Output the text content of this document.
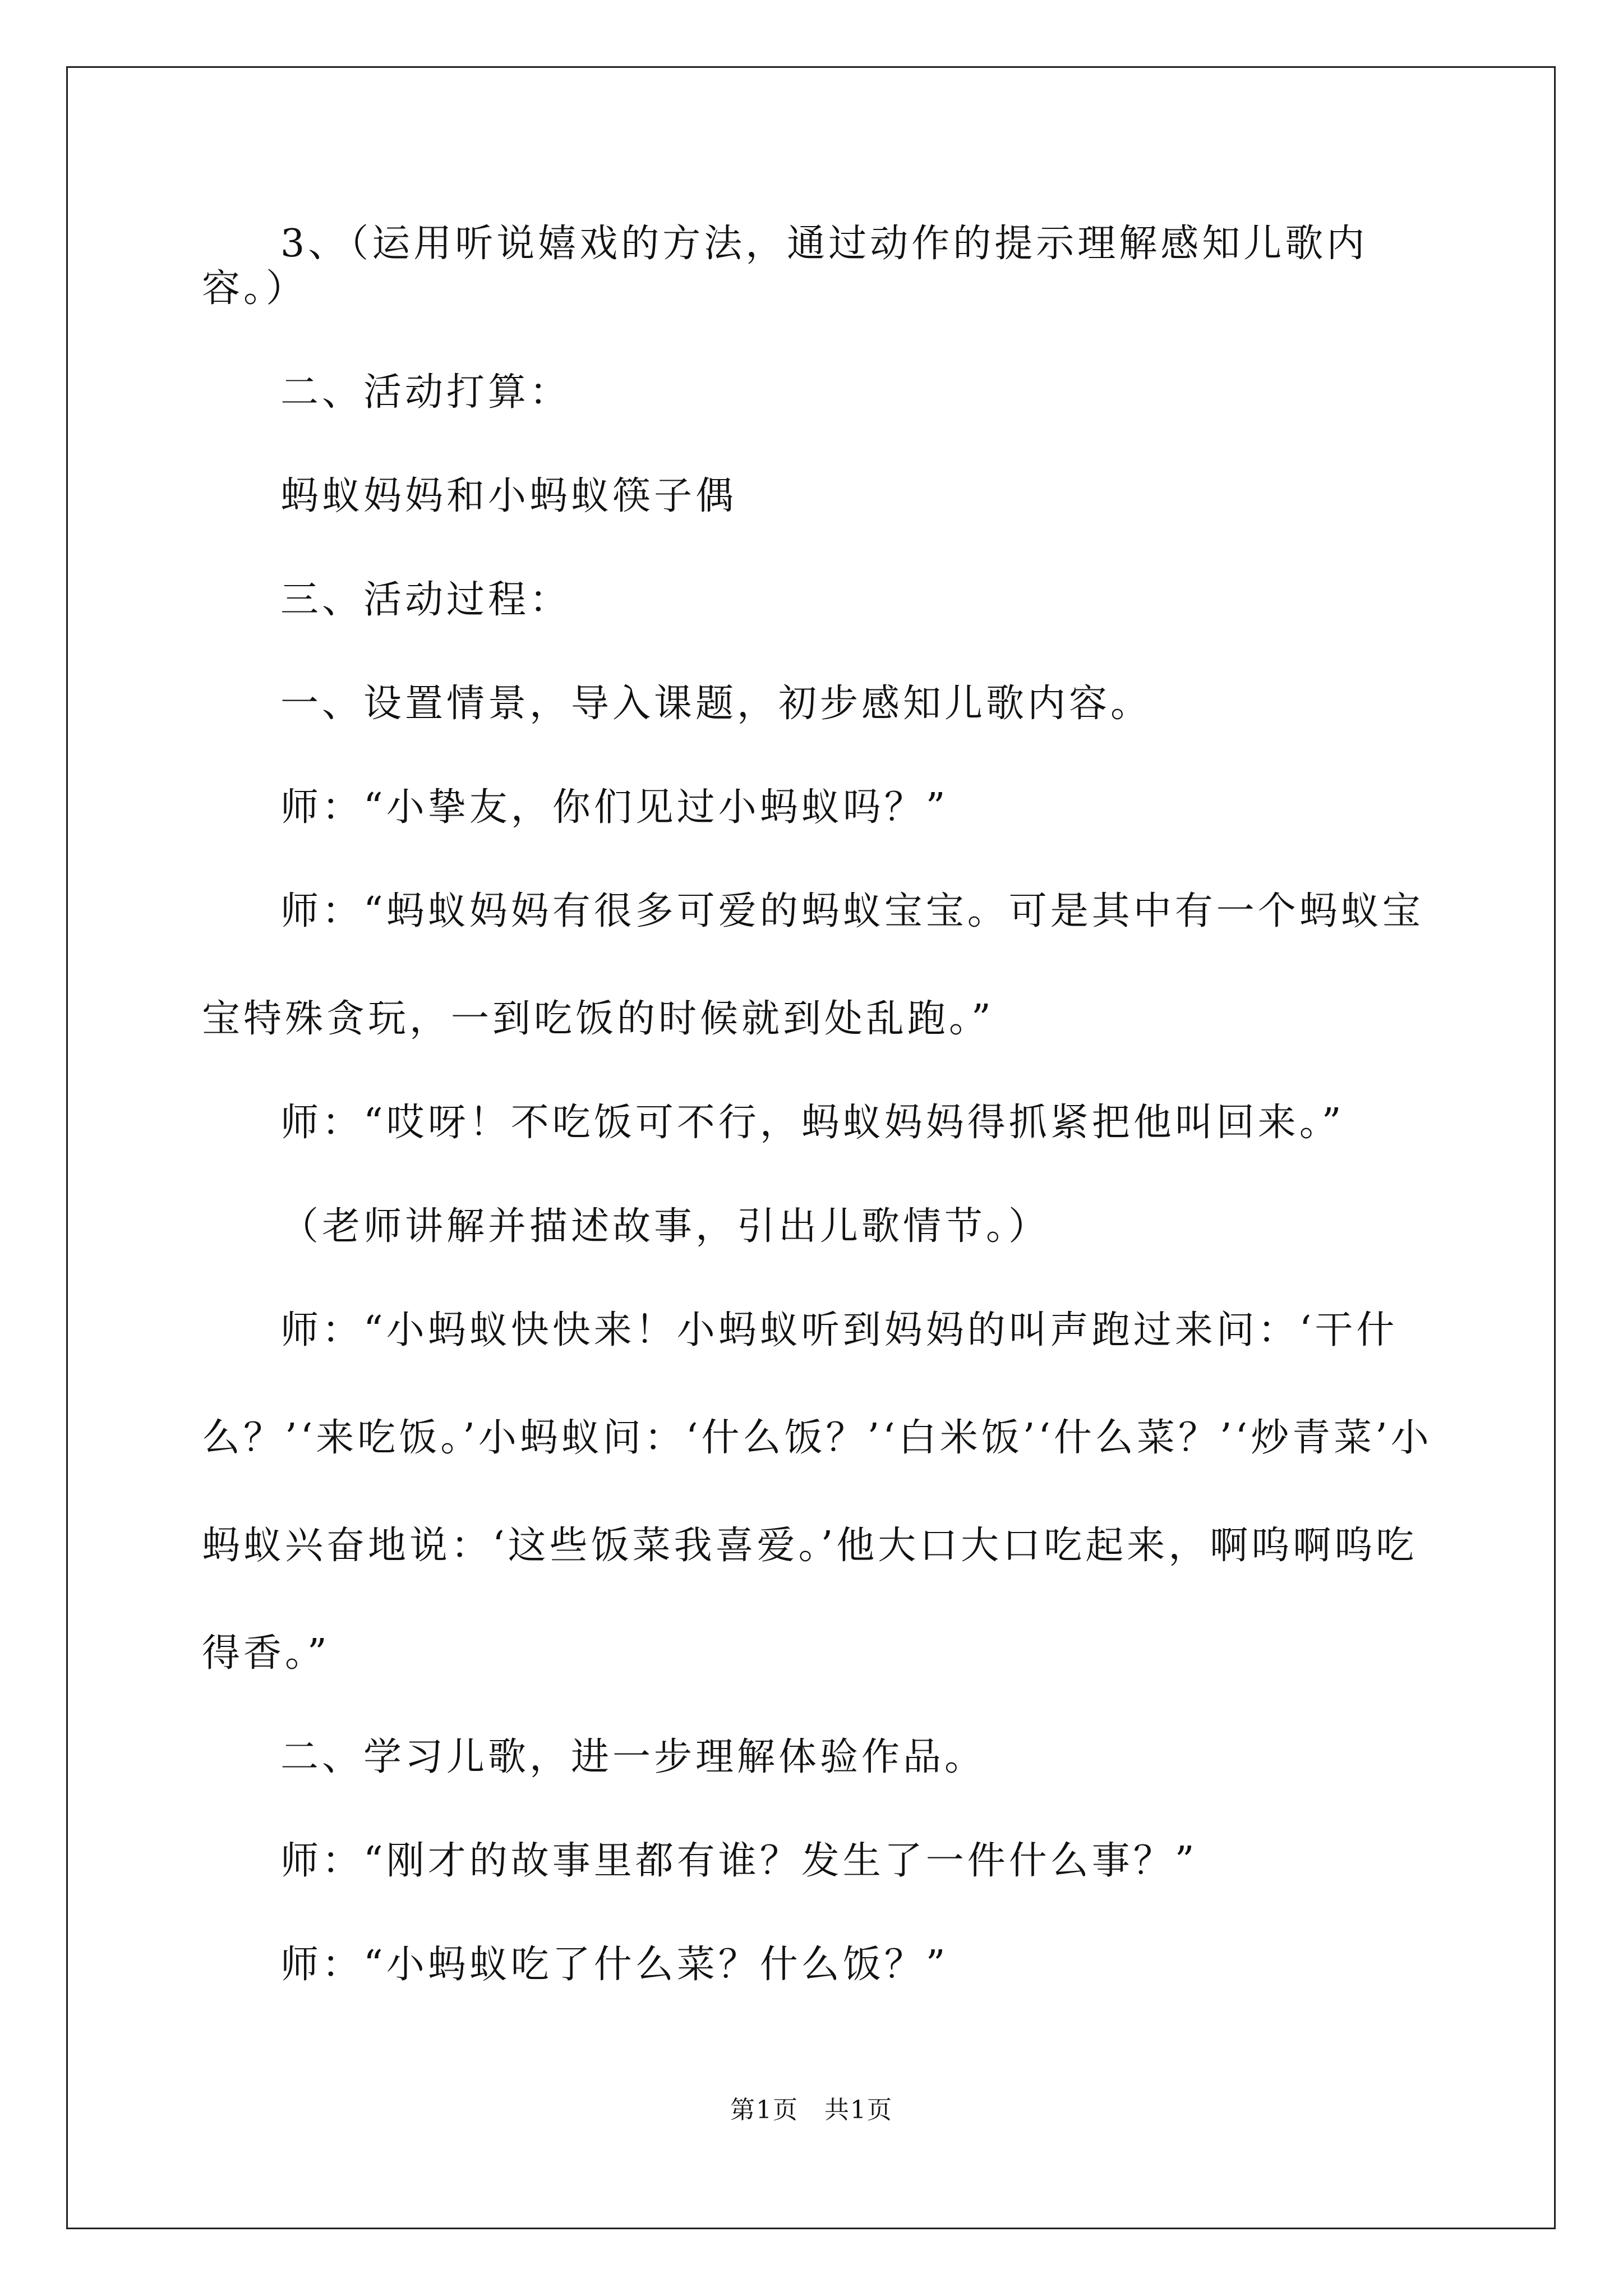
3、（运用听说嬉戏的方法，通过动作的提示理解感知儿歌内容。）

二、活动打算：

蚂蚁妈妈和小蚂蚁筷子偶

三、活动过程：

一、设置情景，导入课题，初步感知儿歌内容。

师：“小挚友，你们见过小蚂蚁吗？”

师：“蚂蚁妈妈有很多可爱的蚂蚁宝宝。可是其中有一个蚂蚁宝宝特殊贪玩，一到吃饭的时候就到处乱跑。”

师：“哎呀！不吃饭可不行，蚂蚁妈妈得抓紧把他叫回来。”

（老师讲解并描述故事，引出儿歌情节。）

师：“小蚂蚁快快来！小蚂蚁听到妈妈的叫声跑过来问：‘干什么？’‘来吃饭。’小蚂蚁问：‘什么饭？’‘白米饭’‘什么菜？’‘炒青菜’小蚂蚁兴奋地说：‘这些饭菜我喜爱。’他大口大口吃起来，啊呜啊呜吃得香。”

二、学习儿歌，进一步理解体验作品。

师：“刚才的故事里都有谁？发生了一件什么事？”

师：“小蚂蚁吃了什么菜？什么饭？”

第1页　共1页
